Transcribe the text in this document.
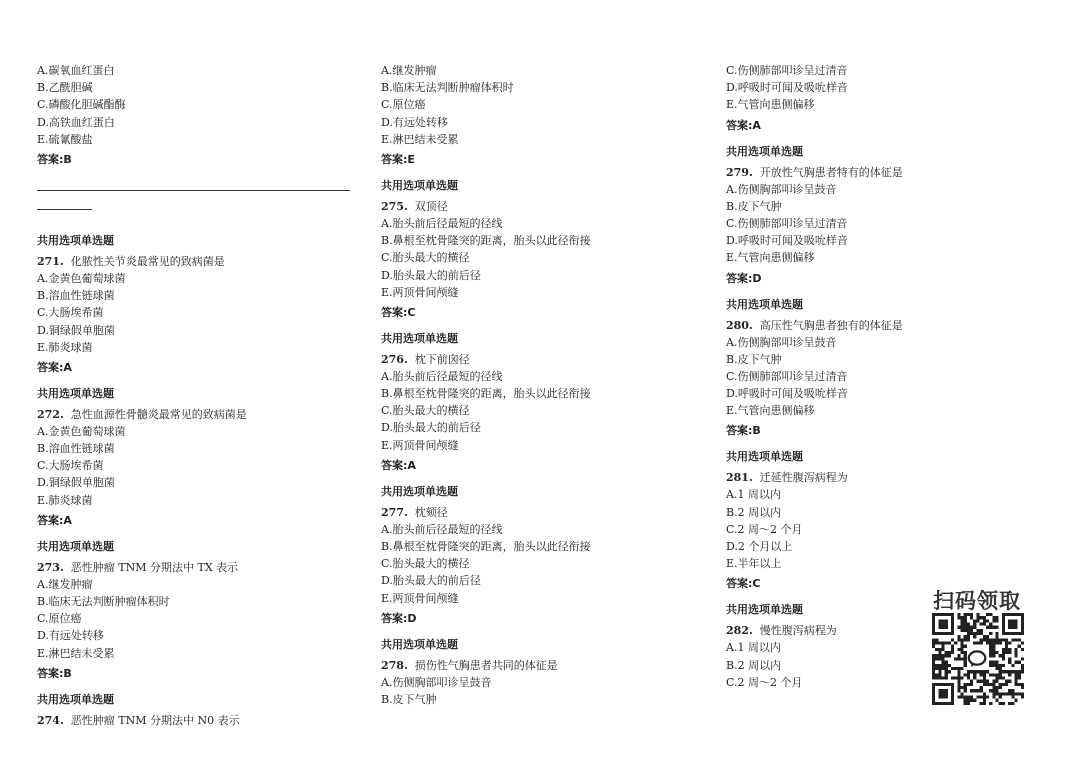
A.碳氧血红蛋白
B.乙酰胆碱
C.磷酸化胆碱酯酶
D.高铁血红蛋白
E.硫氰酸盐
答案:B
共用选项单选题
271. 化脓性关节炎最常见的致病菌是
A.金黄色葡萄球菌
B.溶血性链球菌
C.大肠埃希菌
D.铜绿假单胞菌
E.肺炎球菌
答案:A
共用选项单选题
272. 急性血源性骨髓炎最常见的致病菌是
A.金黄色葡萄球菌
B.溶血性链球菌
C.大肠埃希菌
D.铜绿假单胞菌
E.肺炎球菌
答案:A
共用选项单选题
273. 恶性肿瘤 TNM 分期法中 TX 表示
A.继发肿瘤
B.临床无法判断肿瘤体积时
C.原位癌
D.有远处转移
E.淋巴结未受累
答案:B
共用选项单选题
274. 恶性肿瘤 TNM 分期法中 N0 表示
A.继发肿瘤
B.临床无法判断肿瘤体积时
C.原位癌
D.有远处转移
E.淋巴结未受累
答案:E
共用选项单选题
275. 双顶径
A.胎头前后径最短的径线
B.鼻根至枕骨隆突的距离，胎头以此径衔接
C.胎头最大的横径
D.胎头最大的前后径
E.两顶骨间颅缝
答案:C
共用选项单选题
276. 枕下前囟径
A.胎头前后径最短的径线
B.鼻根至枕骨隆突的距离，胎头以此径衔接
C.胎头最大的横径
D.胎头最大的前后径
E.两顶骨间颅缝
答案:A
共用选项单选题
277. 枕颏径
A.胎头前后径最短的径线
B.鼻根至枕骨隆突的距离，胎头以此径衔接
C.胎头最大的横径
D.胎头最大的前后径
E.两顶骨间颅缝
答案:D
共用选项单选题
278. 损伤性气胸患者共同的体征是
A.伤侧胸部叩诊呈鼓音
B.皮下气肿
C.伤侧肺部叩诊呈过清音
D.呼吸时可闻及吸吮样音
E.气管向患侧偏移
答案:A
共用选项单选题
279. 开放性气胸患者特有的体征是
A.伤侧胸部叩诊呈鼓音
B.皮下气肿
C.伤侧肺部叩诊呈过清音
D.呼吸时可闻及吸吮样音
E.气管向患侧偏移
答案:D
共用选项单选题
280. 高压性气胸患者独有的体征是
A.伤侧胸部叩诊呈鼓音
B.皮下气肿
C.伤侧肺部叩诊呈过清音
D.呼吸时可闻及吸吮样音
E.气管向患侧偏移
答案:B
共用选项单选题
281. 迁延性腹泻病程为
A.1 周以内
B.2 周以内
C.2 周～2 个月
D.2 个月以上
E.半年以上
答案:C
共用选项单选题
282. 慢性腹泻病程为
A.1 周以内
B.2 周以内
C.2 周～2 个月
扫码领取
